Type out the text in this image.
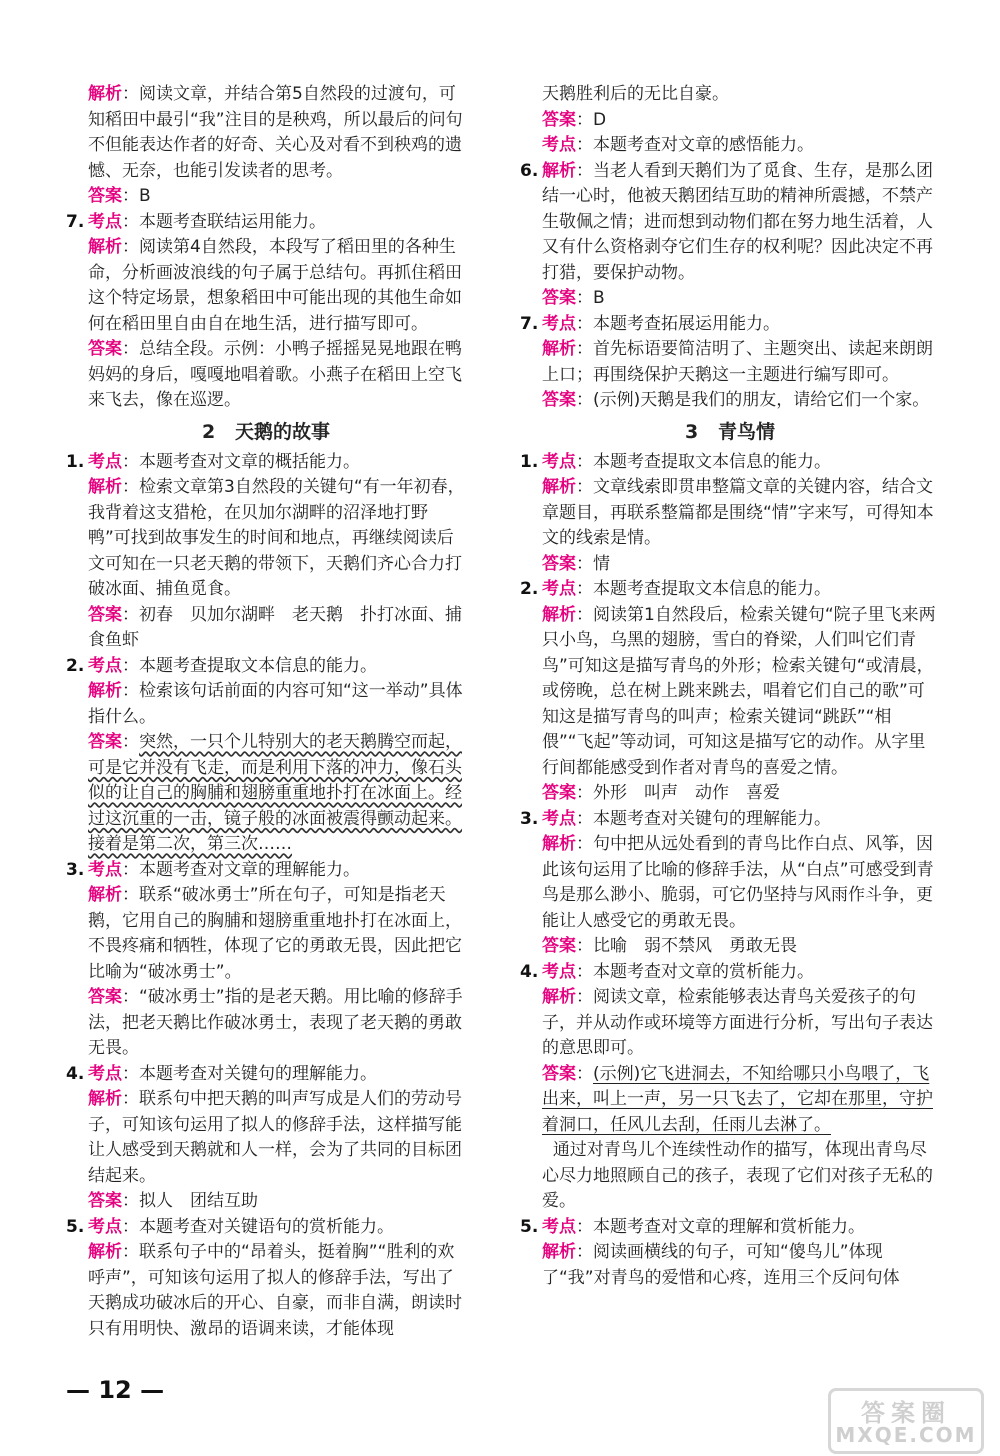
解析：阅读文章，并结合第5自然段的过渡句，可知稻田中最引“我”注目的是秧鸡，所以最后的问句不但能表达作者的好奇、关心及对看不到秧鸡的遗憾、无奈，也能引发读者的思考。

答案：B

7. 考点：本题考查联结运用能力。

解析：阅读第4自然段，本段写了稻田里的各种生命，分析画波浪线的句子属于总结句。再抓住稻田这个特定场景，想象稻田中可能出现的其他生命如何在稻田里自由自在地生活，进行描写即可。

答案：总结全段。示例：小鸭子摇摇晃晃地跟在鸭妈妈的身后，嘎嘎地唱着歌。小燕子在稻田上空飞来飞去，像在巡逻。

2 天鹅的故事

1. 考点：本题考查对文章的概括能力。

解析：检索文章第3自然段的关键句“有一年初春，我背着这支猎枪，在贝加尔湖畔的沼泽地打野鸭”可找到故事发生的时间和地点，再继续阅读后文可知在一只老天鹅的带领下，天鹅们齐心合力打破冰面、捕鱼觅食。

答案：初春　贝加尔湖畔　老天鹅　扑打冰面、捕食鱼虾

2. 考点：本题考查提取文本信息的能力。

解析：检索该句话前面的内容可知“这一举动”具体指什么。

答案：突然，一只个儿特别大的老天鹅腾空而起，可是它并没有飞走，而是利用下落的冲力，像石头似的让自己的胸脯和翅膀重重地扑打在冰面上。经过这沉重的一击，镜子般的冰面被震得颤动起来。接着是第二次，第三次……

3. 考点：本题考查对文章的理解能力。

解析：联系“破冰勇士”所在句子，可知是指老天鹅，它用自己的胸脯和翅膀重重地扑打在冰面上，不畏疼痛和牺牲，体现了它的勇敢无畏，因此把它比喻为“破冰勇士”。

答案：“破冰勇士”指的是老天鹅。用比喻的修辞手法，把老天鹅比作破冰勇士，表现了老天鹅的勇敢无畏。

4. 考点：本题考查对关键句的理解能力。

解析：联系句中把天鹅的叫声写成是人们的劳动号子，可知该句运用了拟人的修辞手法，这样描写能让人感受到天鹅就和人一样，会为了共同的目标团结起来。

答案：拟人　团结互助

5. 考点：本题考查对关键语句的赏析能力。

解析：联系句子中的“昂着头，挺着胸”“胜利的欢呼声”，可知该句运用了拟人的修辞手法，写出了天鹅成功破冰后的开心、自豪，而非自满，朗读时只有用明快、激昂的语调来读，才能体现

天鹅胜利后的无比自豪。

答案：D

考点：本题考查对文章的感悟能力。

6. 解析：当老人看到天鹅们为了觅食、生存，是那么团结一心时，他被天鹅团结互助的精神所震撼，不禁产生敬佩之情；进而想到动物们都在努力地生活着，人又有什么资格剥夺它们生存的权利呢？因此决定不再打猎，要保护动物。

答案：B

7. 考点：本题考查拓展运用能力。

解析：首先标语要简洁明了、主题突出、读起来朗朗上口；再围绕保护天鹅这一主题进行编写即可。

答案：(示例)天鹅是我们的朋友，请给它们一个家。

3 青鸟情

1. 考点：本题考查提取文本信息的能力。

解析：文章线索即贯串整篇文章的关键内容，结合文章题目，再联系整篇都是围绕“情”字来写，可得知本文的线索是情。

答案：情

2. 考点：本题考查提取文本信息的能力。

解析：阅读第1自然段后，检索关键句“院子里飞来两只小鸟，乌黑的翅膀，雪白的脊梁，人们叫它们青鸟”可知这是描写青鸟的外形；检索关键句“或清晨，或傍晚，总在树上跳来跳去，唱着它们自己的歌”可知这是描写青鸟的叫声；检索关键词“跳跃”“相偎”“飞起”等动词，可知这是描写它的动作。从字里行间都能感受到作者对青鸟的喜爱之情。

答案：外形　叫声　动作　喜爱

3. 考点：本题考查对关键句的理解能力。

解析：句中把从远处看到的青鸟比作白点、风筝，因此该句运用了比喻的修辞手法，从“白点”可感受到青鸟是那么渺小、脆弱，可它仍坚持与风雨作斗争，更能让人感受它的勇敢无畏。

答案：比喻　弱不禁风　勇敢无畏

4. 考点：本题考查对文章的赏析能力。

解析：阅读文章，检索能够表达青鸟关爱孩子的句子，并从动作或环境等方面进行分析，写出句子表达的意思即可。

答案：(示例)它飞进洞去，不知给哪只小鸟喂了，飞出来，叫上一声，另一只飞去了，它却在那里，守护着洞口，任风儿去刮，任雨儿去淋了。

通过对青鸟儿个连续性动作的描写，体现出青鸟尽心尽力地照顾自己的孩子，表现了它们对孩子无私的爱。

5. 考点：本题考查对文章的理解和赏析能力。

解析：阅读画横线的句子，可知“傻鸟儿”体现了“我”对青鸟的爱惜和心疼，连用三个反问句体

— 12 —
答案圈
MXQE.COM
